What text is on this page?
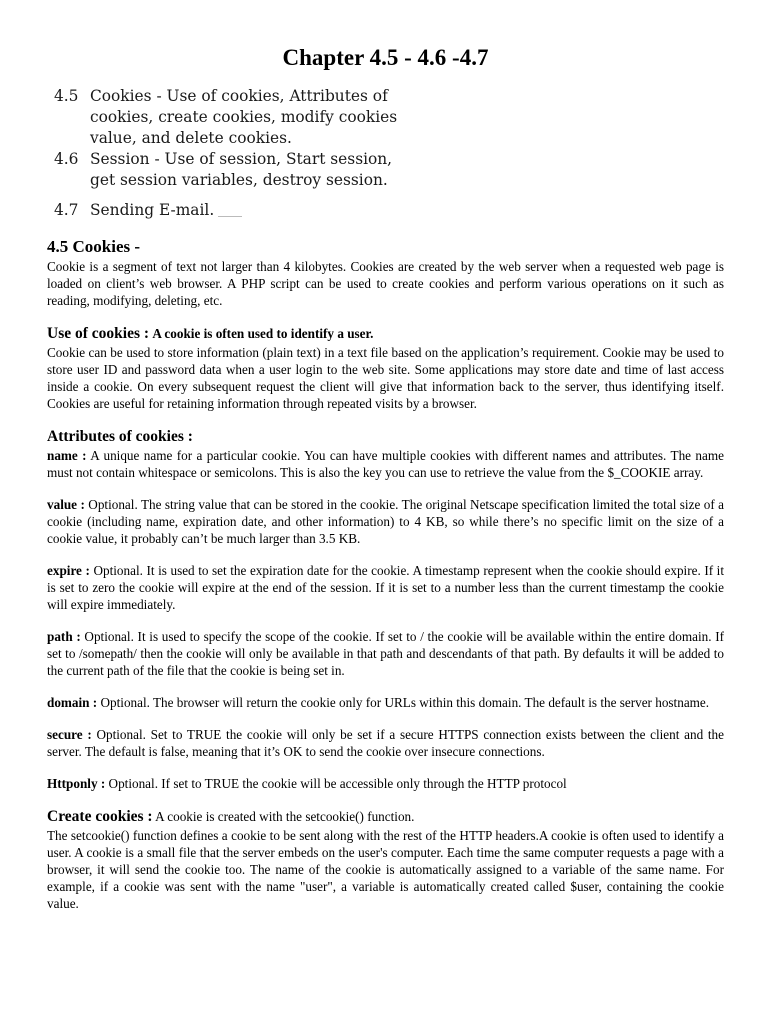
Chapter 4.5 - 4.6 -4.7
4.5 Cookies - Use of cookies, Attributes of cookies, create cookies, modify cookies value, and delete cookies.
4.6 Session - Use of session, Start session, get session variables, destroy session.
4.7 Sending E-mail.
4.5 Cookies -

Cookie is a segment of text not larger than 4 kilobytes. Cookies are created by the web server when a requested web page is loaded on client’s web browser. A PHP script can be used to create cookies and perform various operations on it such as reading, modifying, deleting, etc.

Use of cookies : A cookie is often used to identify a user.

Cookie can be used to store information (plain text) in a text file based on the application’s requirement. Cookie may be used to store user ID and password data when a user login to the web site. Some applications may store date and time of last access inside a cookie. On every subsequent request the client will give that information back to the server, thus identifying itself. Cookies are useful for retaining information through repeated visits by a browser.

Attributes of cookies :

name : A unique name for a particular cookie. You can have multiple cookies with different names and attributes. The name must not contain whitespace or semicolons. This is also the key you can use to retrieve the value from the $_COOKIE array.

value : Optional. The string value that can be stored in the cookie. The original Netscape specification limited the total size of a cookie (including name, expiration date, and other information) to 4 KB, so while there’s no specific limit on the size of a cookie value, it probably can’t be much larger than 3.5 KB.

expire : Optional. It is used to set the expiration date for the cookie. A timestamp represent when the cookie should expire. If it is set to zero the cookie will expire at the end of the session. If it is set to a number less than the current timestamp the cookie will expire immediately.

path : Optional. It is used to specify the scope of the cookie. If set to / the cookie will be available within the entire domain. If set to /somepath/ then the cookie will only be available in that path and descendants of that path. By defaults it will be added to the current path of the file that the cookie is being set in.

domain : Optional. The browser will return the cookie only for URLs within this domain. The default is the server hostname.

secure : Optional. Set to TRUE the cookie will only be set if a secure HTTPS connection exists between the client and the server. The default is false, meaning that it’s OK to send the cookie over insecure connections.

Httponly : Optional. If set to TRUE the cookie will be accessible only through the HTTP protocol

Create cookies : A cookie is created with the setcookie() function.

The setcookie() function defines a cookie to be sent along with the rest of the HTTP headers.A cookie is often used to identify a user. A cookie is a small file that the server embeds on the user's computer. Each time the same computer requests a page with a browser, it will send the cookie too. The name of the cookie is automatically assigned to a variable of the same name. For example, if a cookie was sent with the name "user", a variable is automatically created called $user, containing the cookie value.
